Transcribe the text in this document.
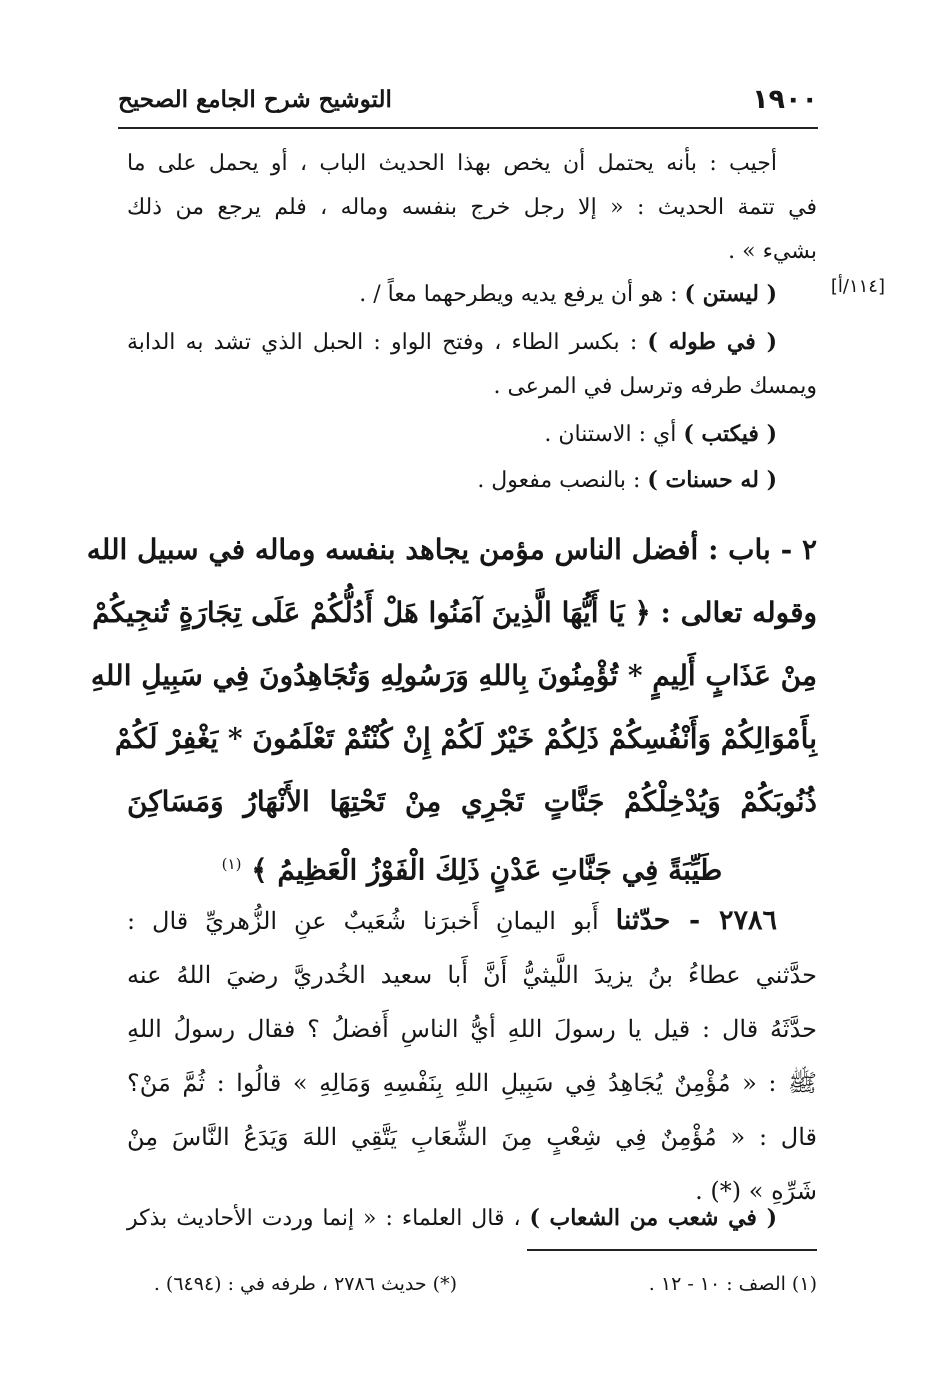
١٩٠٠
التوشيح شرح الجامع الصحيح
أجيب : بأنه يحتمل أن يخص بهذا الحديث الباب ، أو يحمل على ما
في تتمة الحديث : « إلا رجل خرج بنفسه وماله ، فلم يرجع من ذلك
بشيء » .
[١١٤/أ]
( ليستن ) : هو أن يرفع يديه ويطرحهما معاً / .
( في طوله ) : بكسر الطاء ، وفتح الواو : الحبل الذي تشد به الدابة
ويمسك طرفه وترسل في المرعى .
( فيكتب ) أي : الاستنان .
( له حسنات ) : بالنصب مفعول .
٢ - باب : أفضل الناس مؤمن يجاهد بنفسه وماله في سبيل الله
وقوله تعالى : ﴿ يَا أَيُّهَا الَّذِينَ آمَنُوا هَلْ أَدُلُّكُمْ عَلَى تِجَارَةٍ تُنجِيكُمْ
مِنْ عَذَابٍ أَلِيمٍ * تُؤْمِنُونَ بِاللهِ وَرَسُولِهِ وَتُجَاهِدُونَ فِي سَبِيلِ اللهِ
بِأَمْوَالِكُمْ وَأَنْفُسِكُمْ ذَلِكُمْ خَيْرٌ لَكُمْ إِنْ كُنْتُمْ تَعْلَمُونَ * يَغْفِرْ لَكُمْ
ذُنُوبَكُمْ وَيُدْخِلْكُمْ جَنَّاتٍ تَجْرِي مِنْ تَحْتِهَا الأَنْهَارُ وَمَسَاكِنَ
طَيِّبَةً فِي جَنَّاتِ عَدْنٍ ذَلِكَ الْفَوْزُ الْعَظِيمُ ﴾ $^{(١)}$
٢٧٨٦ - حدّثنا أَبو اليمانِ أَخبرَنا شُعَيبٌ عنِ الزُّهريِّ قال :
حدَّثني عطاءُ بنُ يزيدَ اللَّيثيُّ أَنَّ أَبا سعيد الخُدريَّ رضيَ اللهُ عنه
حدَّثَهُ قال : قيل يا رسولَ اللهِ أيُّ الناسِ أَفضلُ ؟ فقال رسولُ اللهِ
ﷺ : « مُؤْمِنٌ يُجَاهِدُ فِي سَبِيلِ اللهِ بِنَفْسِهِ وَمَالِهِ » قالُوا : ثُمَّ مَنْ؟
قال : « مُؤْمِنٌ فِي شِعْبٍ مِنَ الشِّعَابِ يَتَّقِي اللهَ وَيَدَعُ النَّاسَ مِنْ
شَرِّهِ » (*) .
( في شعب من الشعاب ) ، قال العلماء : « إنما وردت الأحاديث بذكر
(١) الصف : ١٠ - ١٢ .
(*) حديث ٢٧٨٦ ، طرفه في : (٦٤٩٤) .
